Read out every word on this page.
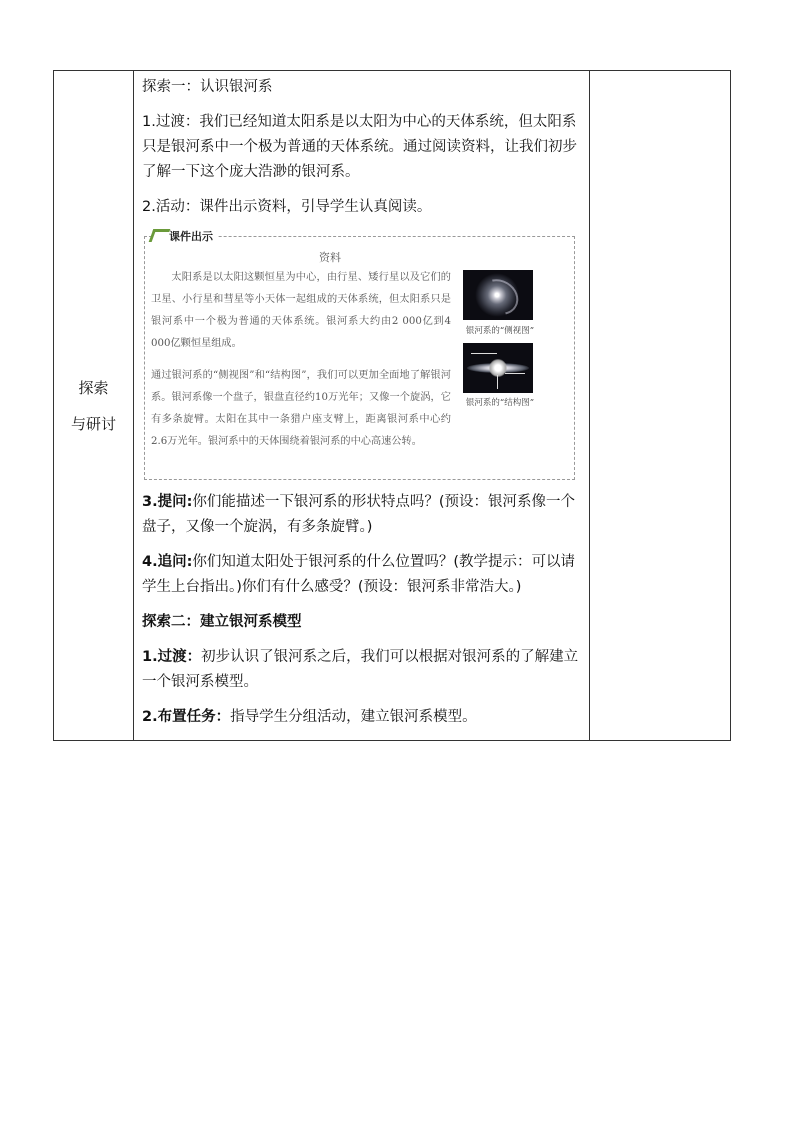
探索
与研讨

探索一：认识银河系

1.过渡：我们已经知道太阳系是以太阳为中心的天体系统，但太阳系只是银河系中一个极为普通的天体系统。通过阅读资料，让我们初步了解一下这个庞大浩渺的银河系。

2.活动：课件出示资料，引导学生认真阅读。

课件出示
资料
太阳系是以太阳这颗恒星为中心，由行星、矮行星以及它们的卫星、小行星和彗星等小天体一起组成的天体系统，但太阳系只是银河系中一个极为普通的天体系统。银河系大约由2 000亿到4 000亿颗恒星组成。
通过银河系的“侧视图”和“结构图”，我们可以更加全面地了解银河系。银河系像一个盘子，银盘直径约10万光年；又像一个旋涡，它有多条旋臂。太阳在其中一条猎户座支臂上，距离银河系中心约2.6万光年。银河系中的天体围绕着银河系的中心高速公转。
银河系的“侧视图”
银河系的“结构图”

3.提问:你们能描述一下银河系的形状特点吗？(预设：银河系像一个盘子，又像一个旋涡，有多条旋臂。)

4.追问:你们知道太阳处于银河系的什么位置吗？(教学提示：可以请学生上台指出。)你们有什么感受？(预设：银河系非常浩大。)

探索二：建立银河系模型

1.过渡：初步认识了银河系之后，我们可以根据对银河系的了解建立一个银河系模型。

2.布置任务：指导学生分组活动，建立银河系模型。
